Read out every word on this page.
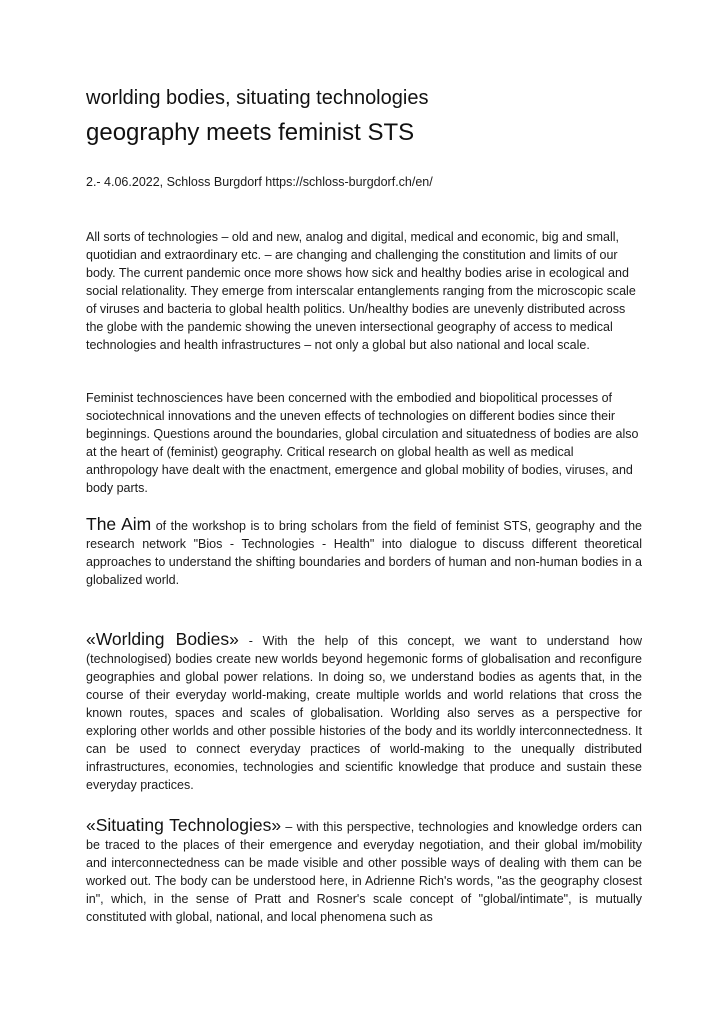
worlding bodies, situating technologies
geography meets feminist STS
2.- 4.06.2022, Schloss Burgdorf https://schloss-burgdorf.ch/en/

All sorts of technologies – old and new, analog and digital, medical and economic, big and small, quotidian and extraordinary etc. – are changing and challenging the constitution and limits of our body. The current pandemic once more shows how sick and healthy bodies arise in ecological and social relationality. They emerge from interscalar entanglements ranging from the microscopic scale of viruses and bacteria to global health politics. Un/healthy bodies are unevenly distributed across the globe with the pandemic showing the uneven intersectional geography of access to medical technologies and health infrastructures – not only a global but also national and local scale.

Feminist technosciences have been concerned with the embodied and biopolitical processes of sociotechnical innovations and the uneven effects of technologies on different bodies since their beginnings. Questions around the boundaries, global circulation and situatedness of bodies are also at the heart of (feminist) geography. Critical research on global health as well as medical anthropology have dealt with the enactment, emergence and global mobility of bodies, viruses, and body parts.

The Aim of the workshop is to bring scholars from the field of feminist STS, geography and the research network "Bios - Technologies - Health" into dialogue to discuss different theoretical approaches to understand the shifting boundaries and borders of human and non-human bodies in a globalized world.

«Worlding Bodies» - With the help of this concept, we want to understand how (technologised) bodies create new worlds beyond hegemonic forms of globalisation and reconfigure geographies and global power relations. In doing so, we understand bodies as agents that, in the course of their everyday world-making, create multiple worlds and world relations that cross the known routes, spaces and scales of globalisation. Worlding also serves as a perspective for exploring other worlds and other possible histories of the body and its worldly interconnectedness. It can be used to connect everyday practices of world-making to the unequally distributed infrastructures, economies, technologies and scientific knowledge that produce and sustain these everyday practices.

«Situating Technologies» – with this perspective, technologies and knowledge orders can be traced to the places of their emergence and everyday negotiation, and their global im/mobility and interconnectedness can be made visible and other possible ways of dealing with them can be worked out. The body can be understood here, in Adrienne Rich's words, "as the geography closest in", which, in the sense of Pratt and Rosner's scale concept of "global/intimate", is mutually constituted with global, national, and local phenomena such as
